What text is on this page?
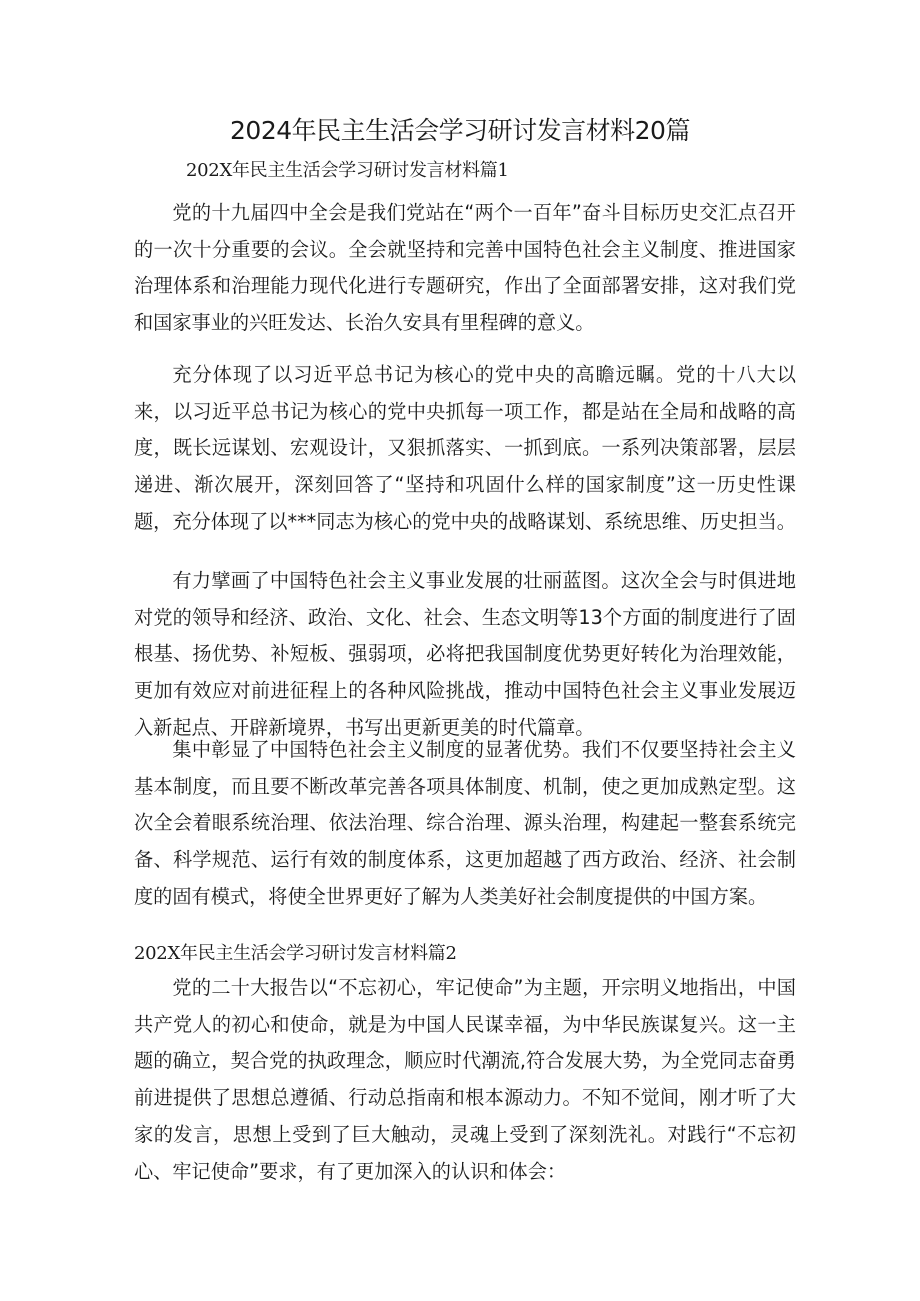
2024年民主生活会学习研讨发言材料20篇
202X年民主生活会学习研讨发言材料篇1

党的十九届四中全会是我们党站在“两个一百年”奋斗目标历史交汇点召开的一次十分重要的会议。全会就坚持和完善中国特色社会主义制度、推进国家治理体系和治理能力现代化进行专题研究，作出了全面部署安排，这对我们党和国家事业的兴旺发达、长治久安具有里程碑的意义。

充分体现了以习近平总书记为核心的党中央的高瞻远瞩。党的十八大以来，以习近平总书记为核心的党中央抓每一项工作，都是站在全局和战略的高度，既长远谋划、宏观设计，又狠抓落实、一抓到底。一系列决策部署，层层递进、渐次展开，深刻回答了“坚持和巩固什么样的国家制度”这一历史性课题，充分体现了以***同志为核心的党中央的战略谋划、系统思维、历史担当。

有力擘画了中国特色社会主义事业发展的壮丽蓝图。这次全会与时俱进地对党的领导和经济、政治、文化、社会、生态文明等13个方面的制度进行了固根基、扬优势、补短板、强弱项，必将把我国制度优势更好转化为治理效能，更加有效应对前进征程上的各种风险挑战，推动中国特色社会主义事业发展迈入新起点、开辟新境界，书写出更新更美的时代篇章。

集中彰显了中国特色社会主义制度的显著优势。我们不仅要坚持社会主义基本制度，而且要不断改革完善各项具体制度、机制，使之更加成熟定型。这次全会着眼系统治理、依法治理、综合治理、源头治理，构建起一整套系统完备、科学规范、运行有效的制度体系，这更加超越了西方政治、经济、社会制度的固有模式，将使全世界更好了解为人类美好社会制度提供的中国方案。

202X年民主生活会学习研讨发言材料篇2

党的二十大报告以“不忘初心，牢记使命”为主题，开宗明义地指出，中国共产党人的初心和使命，就是为中国人民谋幸福，为中华民族谋复兴。这一主题的确立，契合党的执政理念，顺应时代潮流,符合发展大势，为全党同志奋勇前进提供了思想总遵循、行动总指南和根本源动力。不知不觉间，刚才听了大家的发言，思想上受到了巨大触动，灵魂上受到了深刻洗礼。对践行“不忘初心、牢记使命”要求，有了更加深入的认识和体会：
